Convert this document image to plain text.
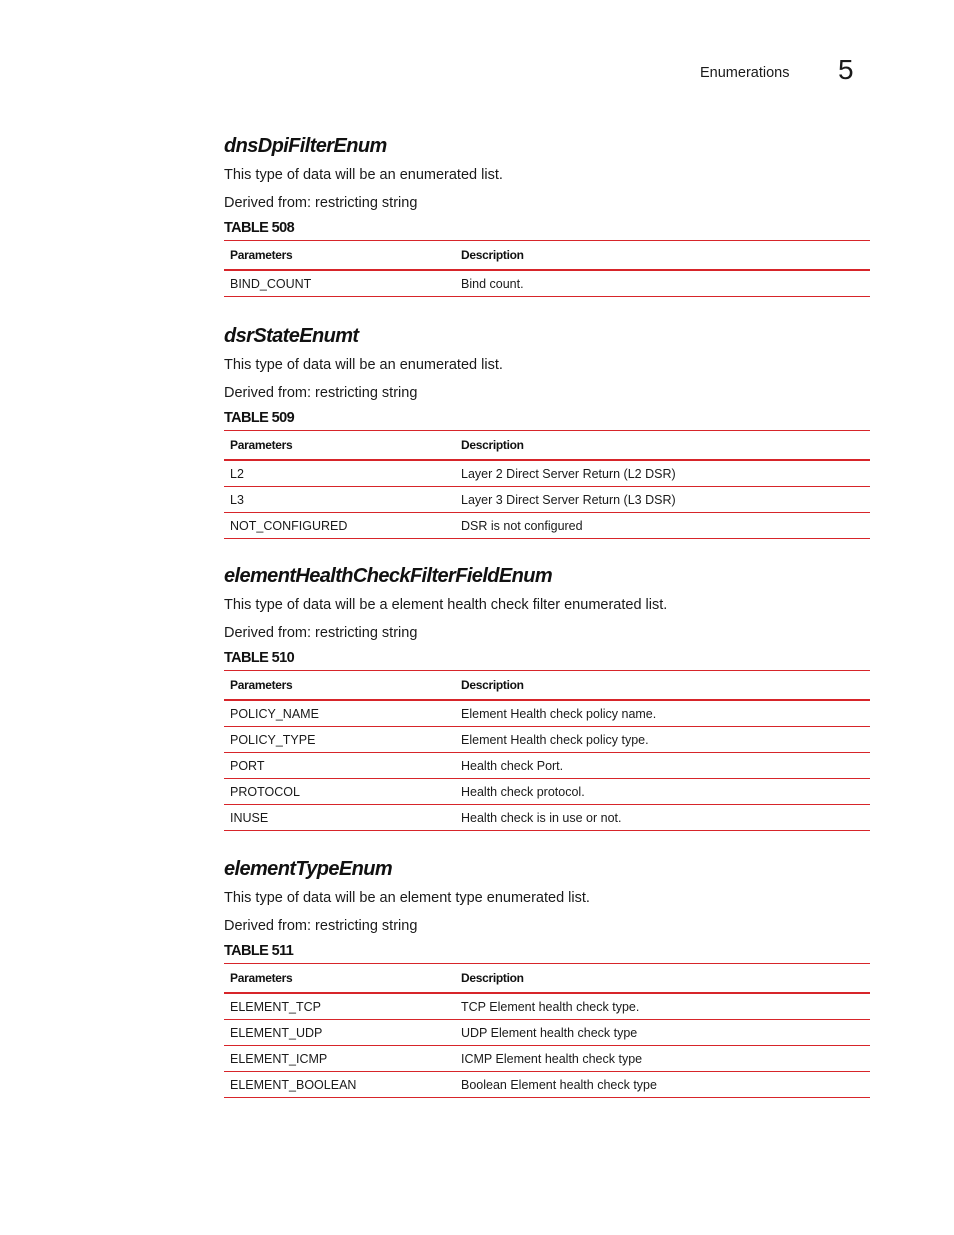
Enumerations 5
dnsDpiFilterEnum

This type of data will be an enumerated list.

Derived from: restricting string

TABLE 508
Parameters	Description
BIND_COUNT	Bind count.
dsrStateEnumt

This type of data will be an enumerated list.

Derived from: restricting string

TABLE 509
Parameters	Description
L2	Layer 2 Direct Server Return (L2 DSR)
L3	Layer 3 Direct Server Return (L3 DSR)
NOT_CONFIGURED	DSR is not configured
elementHealthCheckFilterFieldEnum

This type of data will be a element health check filter enumerated list.

Derived from: restricting string

TABLE 510
Parameters	Description
POLICY_NAME	Element Health check policy name.
POLICY_TYPE	Element Health check policy type.
PORT	Health check Port.
PROTOCOL	Health check protocol.
INUSE	Health check is in use or not.
elementTypeEnum

This type of data will be an element type enumerated list.

Derived from: restricting string

TABLE 511
Parameters	Description
ELEMENT_TCP	TCP Element health check type.
ELEMENT_UDP	UDP Element health check type
ELEMENT_ICMP	ICMP Element health check type
ELEMENT_BOOLEAN	Boolean Element health check type
